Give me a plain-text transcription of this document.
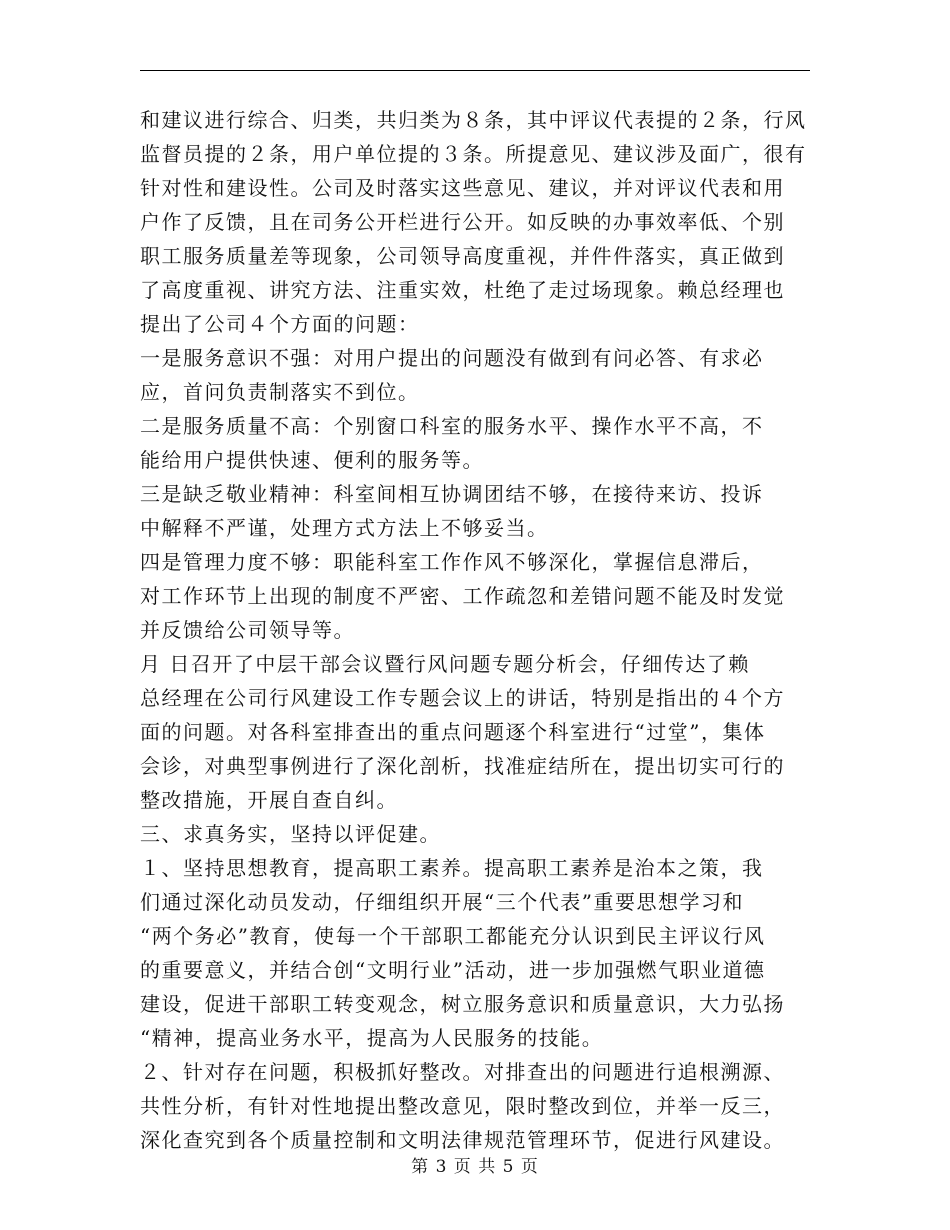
和建议进行综合、归类，共归类为８条，其中评议代表提的２条，行风
监督员提的２条，用户单位提的３条。所提意见、建议涉及面广，很有
针对性和建设性。公司及时落实这些意见、建议，并对评议代表和用
户作了反馈，且在司务公开栏进行公开。如反映的办事效率低、个别
职工服务质量差等现象，公司领导高度重视，并件件落实，真正做到
了高度重视、讲究方法、注重实效，杜绝了走过场现象。赖总经理也
提出了公司４个方面的问题：
一是服务意识不强：对用户提出的问题没有做到有问必答、有求必
应，首问负责制落实不到位。
二是服务质量不高：个别窗口科室的服务水平、操作水平不高，不
能给用户提供快速、便利的服务等。
三是缺乏敬业精神：科室间相互协调团结不够，在接待来访、投诉
中解释不严谨，处理方式方法上不够妥当。
四是管理力度不够：职能科室工作作风不够深化，掌握信息滞后，
对工作环节上出现的制度不严密、工作疏忽和差错问题不能及时发觉
并反馈给公司领导等。
月 日召开了中层干部会议暨行风问题专题分析会，仔细传达了赖
总经理在公司行风建设工作专题会议上的讲话，特别是指出的４个方
面的问题。对各科室排查出的重点问题逐个科室进行“过堂”，集体
会诊，对典型事例进行了深化剖析，找准症结所在，提出切实可行的
整改措施，开展自查自纠。
三、求真务实，坚持以评促建。
１、坚持思想教育，提高职工素养。提高职工素养是治本之策，我
们通过深化动员发动，仔细组织开展“三个代表”重要思想学习和
“两个务必”教育，使每一个干部职工都能充分认识到民主评议行风
的重要意义，并结合创“文明行业”活动，进一步加强燃气职业道德
建设，促进干部职工转变观念，树立服务意识和质量意识，大力弘扬
“精神，提高业务水平，提高为人民服务的技能。
２、针对存在问题，积极抓好整改。对排查出的问题进行追根溯源、
共性分析，有针对性地提出整改意见，限时整改到位，并举一反三，
深化查究到各个质量控制和文明法律规范管理环节，促进行风建设。
第 3 页 共 5 页
